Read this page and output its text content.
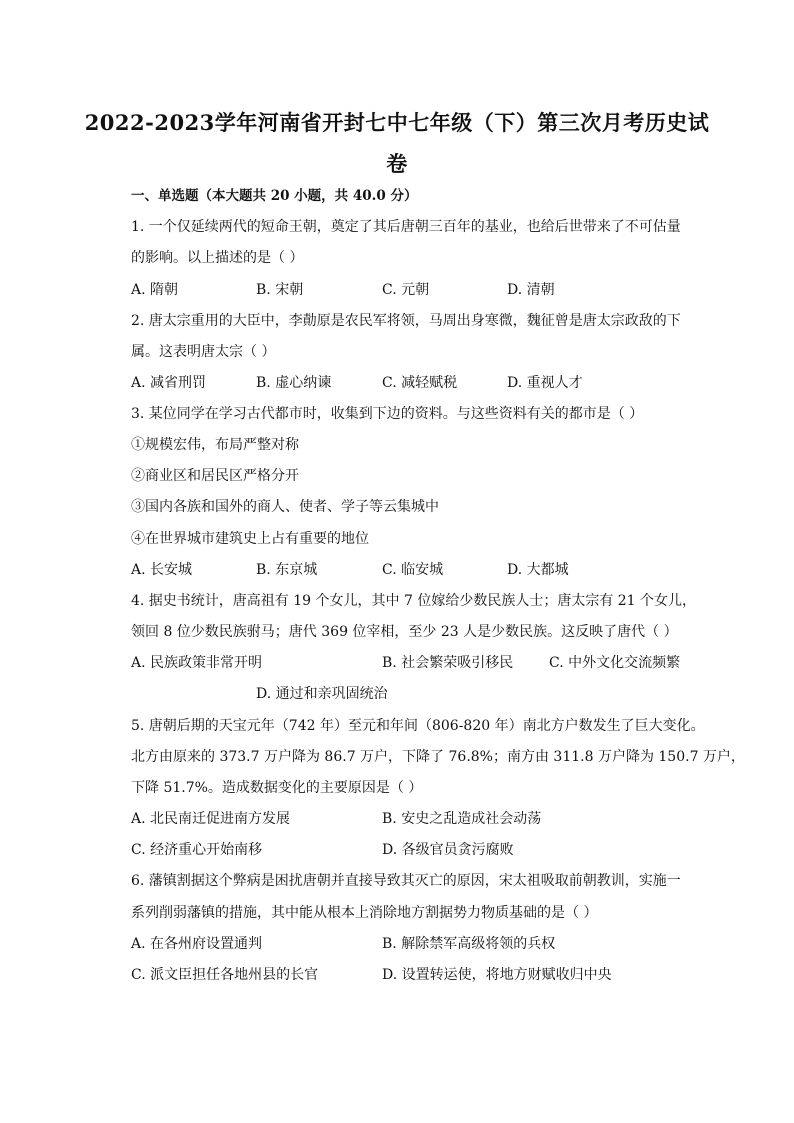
2022-2023学年河南省开封七中七年级（下）第三次月考历史试
卷
一、单选题（本大题共 20 小题，共 40.0 分）
1. 一个仅延续两代的短命王朝，奠定了其后唐朝三百年的基业，也给后世带来了不可估量
的影响。以上描述的是（ ）
A. 隋朝	B. 宋朝	C. 元朝	D. 清朝
2. 唐太宗重用的大臣中，李勣原是农民军将领，马周出身寒微，魏征曾是唐太宗政敌的下
属。这表明唐太宗（ ）
A. 减省刑罚	B. 虚心纳谏	C. 减轻赋税	D. 重视人才
3. 某位同学在学习古代都市时，收集到下边的资料。与这些资料有关的都市是（ ）
①规模宏伟，布局严整对称
②商业区和居民区严格分开
③国内各族和国外的商人、使者、学子等云集城中
④在世界城市建筑史上占有重要的地位
A. 长安城	B. 东京城	C. 临安城	D. 大都城
4. 据史书统计，唐高祖有 19 个女儿，其中 7 位嫁给少数民族人士；唐太宗有 21 个女儿，
领回 8 位少数民族驸马；唐代 369 位宰相，至少 23 人是少数民族。这反映了唐代（ ）
A. 民族政策非常开明	B. 社会繁荣吸引移民	C. 中外文化交流频繁
D. 通过和亲巩固统治
5. 唐朝后期的天宝元年（742 年）至元和年间（806-820 年）南北方户数发生了巨大变化。
北方由原来的 373.7 万户降为 86.7 万户，下降了 76.8%；南方由 311.8 万户降为 150.7 万户，
下降 51.7%。造成数据变化的主要原因是（ ）
A. 北民南迁促进南方发展	B. 安史之乱造成社会动荡
C. 经济重心开始南移	D. 各级官员贪污腐败
6. 藩镇割据这个弊病是困扰唐朝并直接导致其灭亡的原因，宋太祖吸取前朝教训，实施一
系列削弱藩镇的措施，其中能从根本上消除地方割据势力物质基础的是（ ）
A. 在各州府设置通判	B. 解除禁军高级将领的兵权
C. 派文臣担任各地州县的长官	D. 设置转运使，将地方财赋收归中央
